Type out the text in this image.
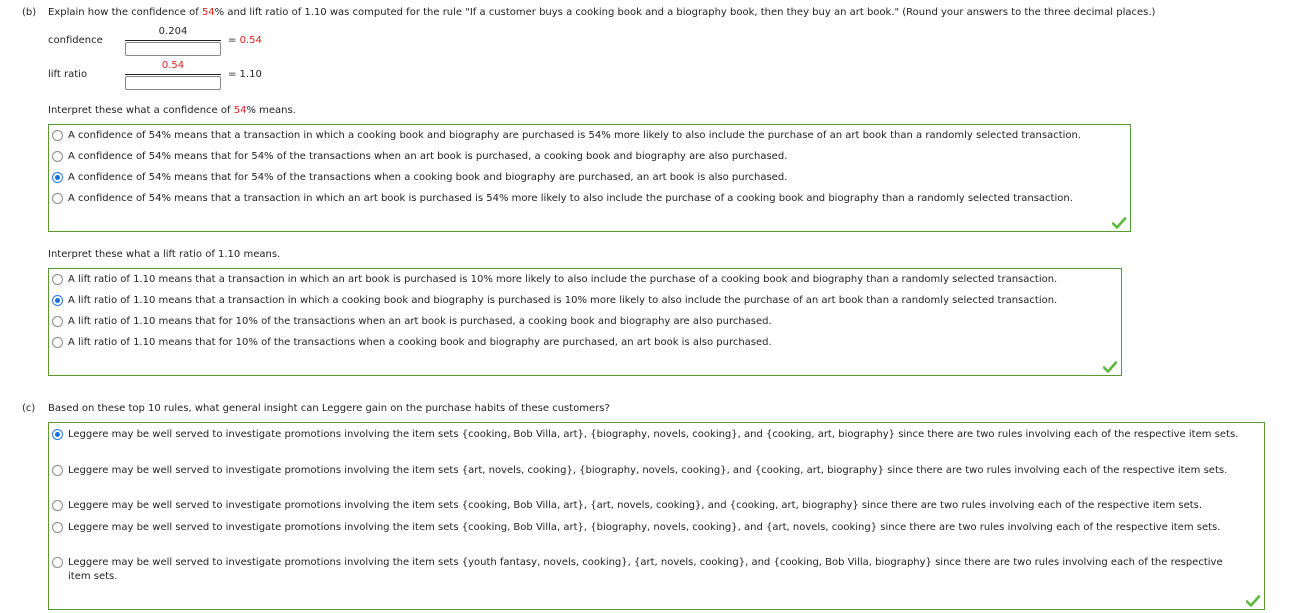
(b) Explain how the confidence of 54% and lift ratio of 1.10 was computed for the rule "If a customer buys a cooking book and a biography book, then they buy an art book." (Round your answers to the three decimal places.)
confidence
0.204
= 0.54
lift ratio
0.54
= 1.10
Interpret these what a confidence of 54% means.
A confidence of 54% means that a transaction in which a cooking book and biography are purchased is 54% more likely to also include the purchase of an art book than a randomly selected transaction.
A confidence of 54% means that for 54% of the transactions when an art book is purchased, a cooking book and biography are also purchased.
A confidence of 54% means that for 54% of the transactions when a cooking book and biography are purchased, an art book is also purchased.
A confidence of 54% means that a transaction in which an art book is purchased is 54% more likely to also include the purchase of a cooking book and biography than a randomly selected transaction.
Interpret these what a lift ratio of 1.10 means.
A lift ratio of 1.10 means that a transaction in which an art book is purchased is 10% more likely to also include the purchase of a cooking book and biography than a randomly selected transaction.
A lift ratio of 1.10 means that a transaction in which a cooking book and biography is purchased is 10% more likely to also include the purchase of an art book than a randomly selected transaction.
A lift ratio of 1.10 means that for 10% of the transactions when an art book is purchased, a cooking book and biography are also purchased.
A lift ratio of 1.10 means that for 10% of the transactions when a cooking book and biography are purchased, an art book is also purchased.
(c) Based on these top 10 rules, what general insight can Leggere gain on the purchase habits of these customers?
Leggere may be well served to investigate promotions involving the item sets {cooking, Bob Villa, art}, {biography, novels, cooking}, and {cooking, art, biography} since there are two rules involving each of the respective item sets.
Leggere may be well served to investigate promotions involving the item sets {art, novels, cooking}, {biography, novels, cooking}, and {cooking, art, biography} since there are two rules involving each of the respective item sets.
Leggere may be well served to investigate promotions involving the item sets {cooking, Bob Villa, art}, {art, novels, cooking}, and {cooking, art, biography} since there are two rules involving each of the respective item sets.
Leggere may be well served to investigate promotions involving the item sets {cooking, Bob Villa, art}, {biography, novels, cooking}, and {art, novels, cooking} since there are two rules involving each of the respective item sets.
Leggere may be well served to investigate promotions involving the item sets {youth fantasy, novels, cooking}, {art, novels, cooking}, and {cooking, Bob Villa, biography} since there are two rules involving each of the respective item sets.
